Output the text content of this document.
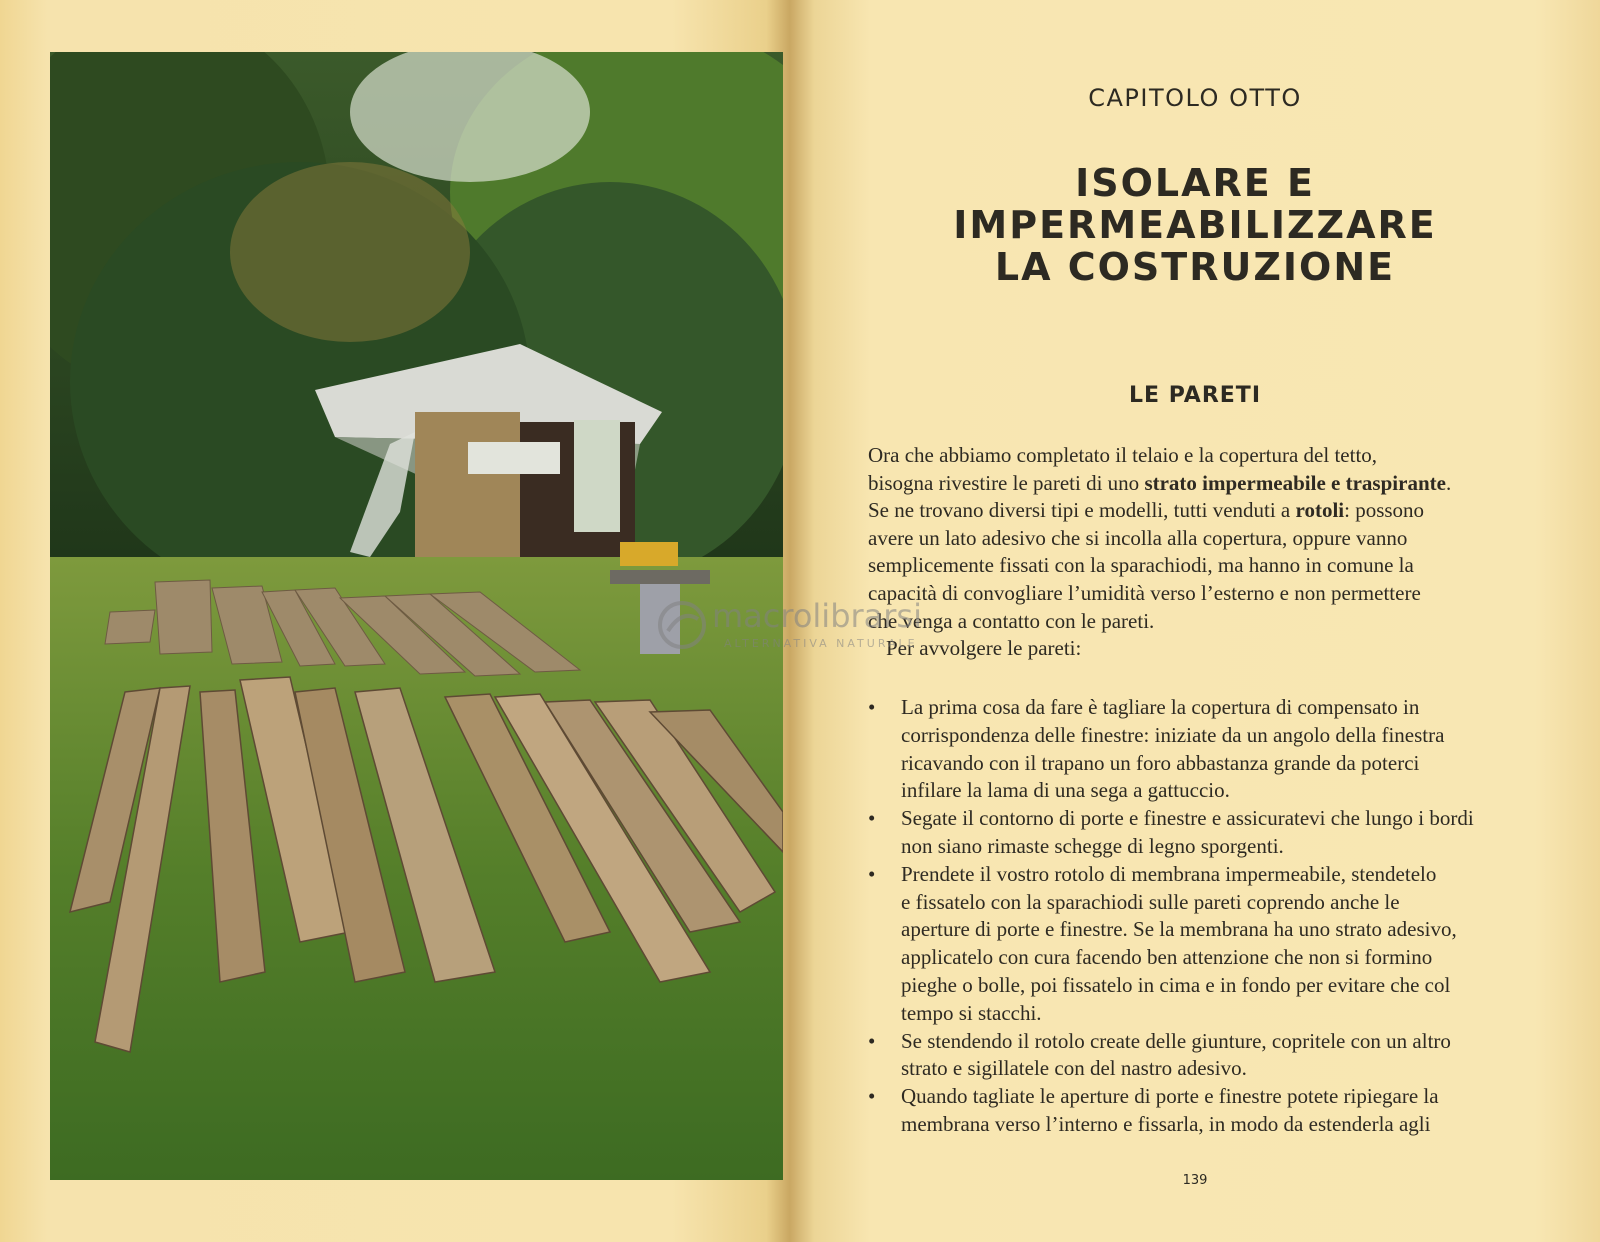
CAPITOLO OTTO
ISOLARE E
IMPERMEABILIZZARE
LA COSTRUZIONE
LE PARETI
Ora che abbiamo completato il telaio e la copertura del tetto,
bisogna rivestire le pareti di uno strato impermeabile e traspirante.
Se ne trovano diversi tipi e modelli, tutti venduti a rotoli: possono
avere un lato adesivo che si incolla alla copertura, oppure vanno
semplicemente fissati con la sparachiodi, ma hanno in comune la
capacità di convogliare l’umidità verso l’esterno e non permettere
che venga a contatto con le pareti.
Per avvolgere le pareti:
• La prima cosa da fare è tagliare la copertura di compensato in
corrispondenza delle finestre: iniziate da un angolo della finestra
ricavando con il trapano un foro abbastanza grande da poterci
infilare la lama di una sega a gattuccio.
• Segate il contorno di porte e finestre e assicuratevi che lungo i bordi
non siano rimaste schegge di legno sporgenti.
• Prendete il vostro rotolo di membrana impermeabile, stendetelo
e fissatelo con la sparachiodi sulle pareti coprendo anche le
aperture di porte e finestre. Se la membrana ha uno strato adesivo,
applicatelo con cura facendo ben attenzione che non si formino
pieghe o bolle, poi fissatelo in cima e in fondo per evitare che col
tempo si stacchi.
• Se stendendo il rotolo create delle giunture, copritele con un altro
strato e sigillatele con del nastro adesivo.
• Quando tagliate le aperture di porte e finestre potete ripiegare la
membrana verso l’interno e fissarla, in modo da estenderla agli
139
macrolibrarsi
ALTERNATIVA NATURALE
